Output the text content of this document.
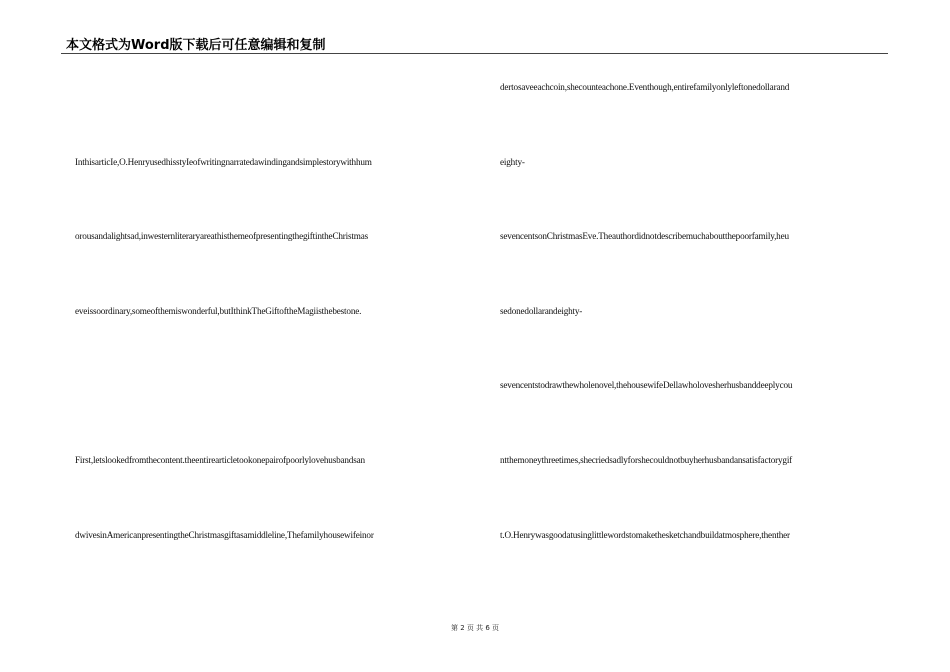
本文格式为Word版下载后可任意编辑和复制
InthisarticIe,O.HenryusedhisstyIeofwritingnarratedawindingandsimplestorywithhum
orousandalightsad,inwesternliteraryareathisthemeofpresentingthegiftintheChristmas
eveissoordinary,someofthemiswonderful,butIthinkTheGiftoftheMagiisthebestone.
First,letslookedfromthecontent.theentirearticletookonepairofpoorlylovehusbandsan
dwivesinAmericanpresentingtheChristmasgiftasamiddleline,Thefamilyhousewifeinor
dertosaveeachcoin,shecounteachone.Eventhough,entirefamilyonlyleftonedollarand
eighty-
sevencentsonChristmasEve.Theauthordidnotdescribemuchaboutthepoorfamily,heu
sedonedollarandeighty-
sevencentstodrawthewholenovel,thehousewifeDellawholovesherhusbanddeeplycou
ntthemoneythreetimes,shecriedsadlyforshecouldnotbuyherhusbandansatisfactorygif
t.O.Henrywasgoodatusinglittlewordstomakethesketchandbuildatmosphere,thenther
第 2 页 共 6 页
